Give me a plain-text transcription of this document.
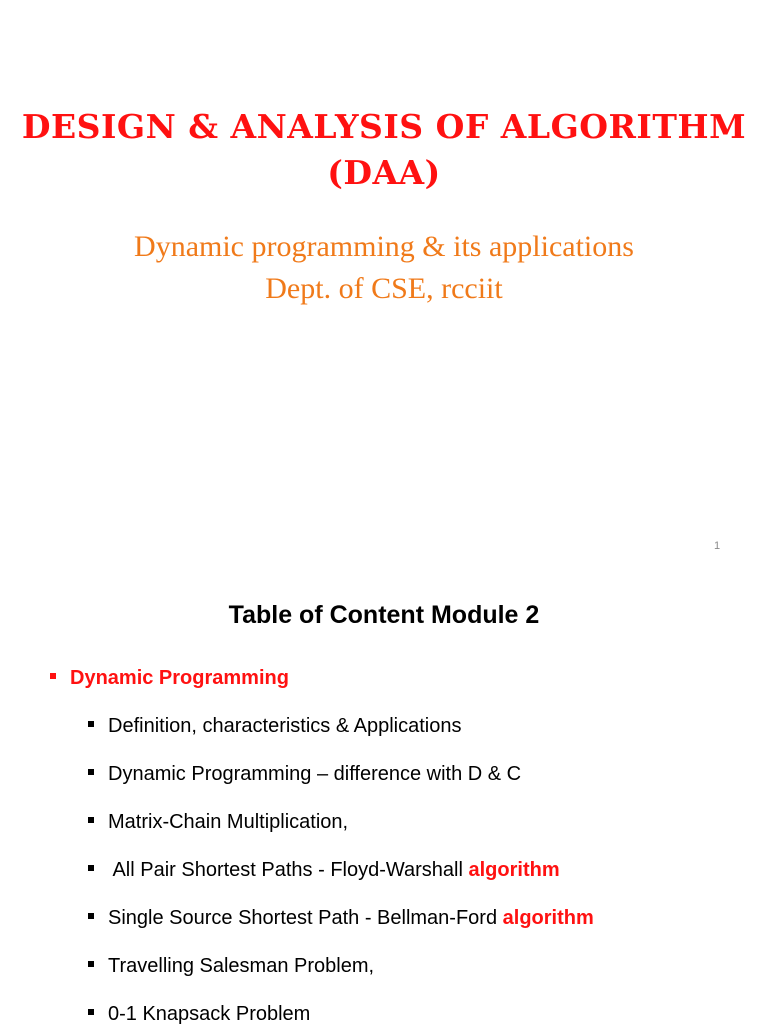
DESIGN & ANALYSIS OF ALGORITHM
(DAA)

Dynamic programming & its applications
Dept. of CSE, rcciit

1
Table of Content Module 2
Dynamic Programming
Definition, characteristics & Applications
Dynamic Programming – difference with D & C
Matrix-Chain Multiplication,
All Pair Shortest Paths - Floyd-Warshall algorithm
Single Source Shortest Path - Bellman-Ford algorithm
Travelling Salesman Problem,
0-1 Knapsack Problem
